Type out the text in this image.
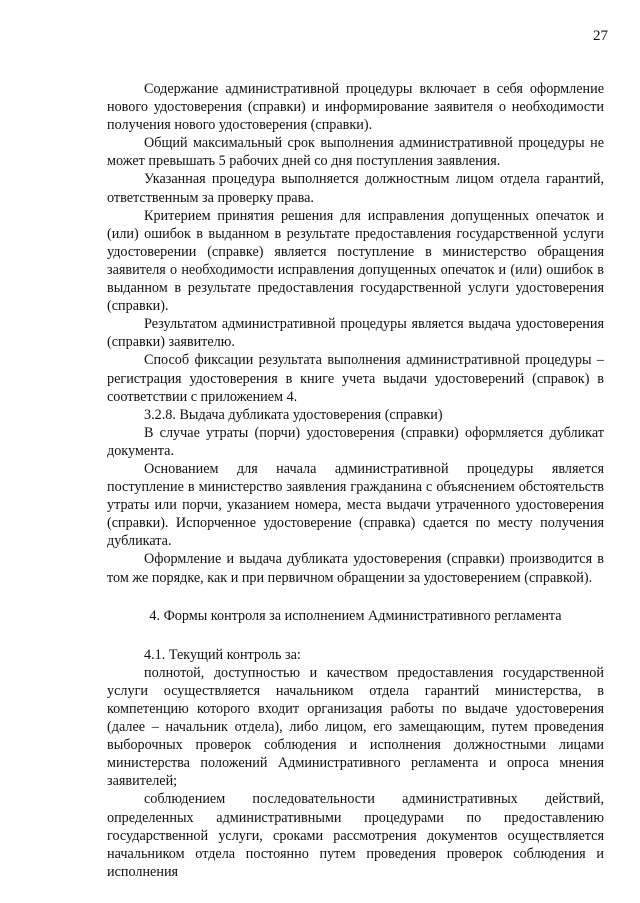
27

Содержание административной процедуры включает в себя оформление нового удостоверения (справки) и информирование заявителя о необходимости получения нового удостоверения (справки).

Общий максимальный срок выполнения административной процедуры не может превышать 5 рабочих дней со дня поступления заявления.

Указанная процедура выполняется должностным лицом отдела гарантий, ответственным за проверку права.

Критерием принятия решения для исправления допущенных опечаток и (или) ошибок в выданном в результате предоставления государственной услуги удостоверении (справке) является поступление в министерство обращения заявителя о необходимости исправления допущенных опечаток и (или) ошибок в выданном в результате предоставления государственной услуги удостоверения (справки).

Результатом административной процедуры является выдача удостоверения (справки) заявителю.

Способ фиксации результата выполнения административной процедуры – регистрация удостоверения в книге учета выдачи удостоверений (справок) в соответствии с приложением 4.

3.2.8. Выдача дубликата удостоверения (справки)

В случае утраты (порчи) удостоверения (справки) оформляется дубликат документа.

Основанием для начала административной процедуры является поступление в министерство заявления гражданина с объяснением обстоятельств утраты или порчи, указанием номера, места выдачи утраченного удостоверения (справки). Испорченное удостоверение (справка) сдается по месту получения дубликата.

Оформление и выдача дубликата удостоверения (справки) производится в том же порядке, как и при первичном обращении за удостоверением (справкой).

4. Формы контроля за исполнением Административного регламента

4.1. Текущий контроль за:

полнотой, доступностью и качеством предоставления государственной услуги осуществляется начальником отдела гарантий министерства, в компетенцию которого входит организация работы по выдаче удостоверения (далее – начальник отдела), либо лицом, его замещающим, путем проведения выборочных проверок соблюдения и исполнения должностными лицами министерства положений Административного регламента и опроса мнения заявителей;

соблюдением последовательности административных действий, определенных административными процедурами по предоставлению государственной услуги, сроками рассмотрения документов осуществляется начальником отдела постоянно путем проведения проверок соблюдения и исполнения
